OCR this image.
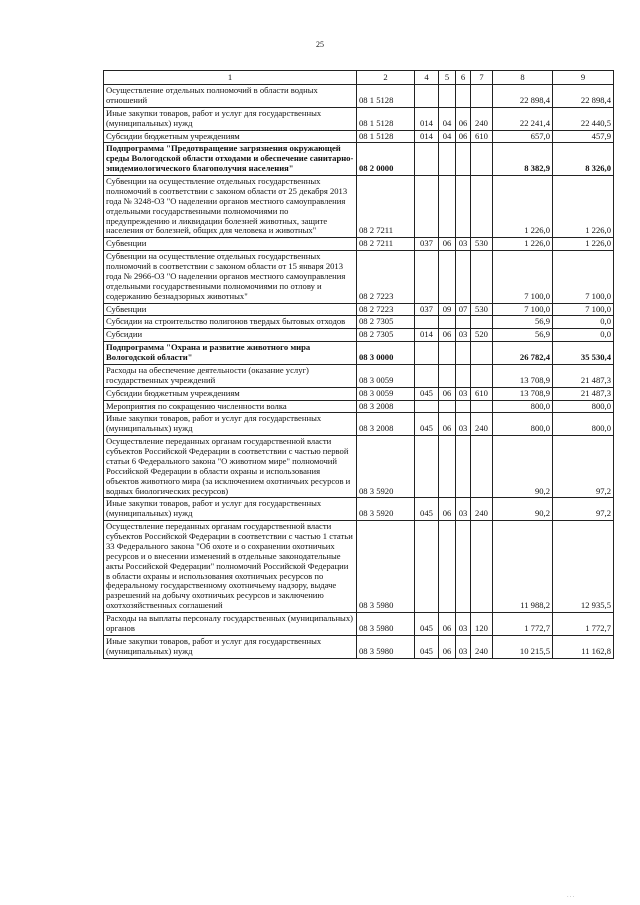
25
1	2	4	5	6	7	8	9
Осуществление отдельных полномочий в области водных отношений	08 1 5128					22 898,4	22 898,4
Иные закупки товаров, работ и услуг для государственных (муниципальных) нужд	08 1 5128	014	04	06	240	22 241,4	22 440,5
Субсидии бюджетным учреждениям	08 1 5128	014	04	06	610	657,0	457,9
Подпрограмма "Предотвращение загрязнения окружающей среды Вологодской области отходами и обеспечение санитарно-эпидемиологического благополучия населения"	08 2 0000					8 382,9	8 326,0
Субвенции на осуществление отдельных государственных полномочий в соответствии с законом области от 25 декабря 2013 года № 3248-ОЗ "О наделении органов местного самоуправления отдельными государственными полномочиями по предупреждению и ликвидации болезней животных, защите населения от болезней, общих для человека и животных"	08 2 7211					1 226,0	1 226,0
Субвенции	08 2 7211	037	06	03	530	1 226,0	1 226,0
Субвенции на осуществление отдельных государственных полномочий в соответствии с законом области от 15 января 2013 года № 2966-ОЗ "О наделении органов местного самоуправления отдельными государственными полномочиями по отлову и содержанию безнадзорных животных"	08 2 7223					7 100,0	7 100,0
Субвенции	08 2 7223	037	09	07	530	7 100,0	7 100,0
Субсидии на строительство полигонов твердых бытовых отходов	08 2 7305					56,9	0,0
Субсидии	08 2 7305	014	06	03	520	56,9	0,0
Подпрограмма "Охрана и развитие животного мира Вологодской области"	08 3 0000					26 782,4	35 530,4
Расходы на обеспечение деятельности (оказание услуг) государственных учреждений	08 3 0059					13 708,9	21 487,3
Субсидии бюджетным учреждениям	08 3 0059	045	06	03	610	13 708,9	21 487,3
Мероприятия по сокращению численности волка	08 3 2008					800,0	800,0
Иные закупки товаров, работ и услуг для государственных (муниципальных) нужд	08 3 2008	045	06	03	240	800,0	800,0
Осуществление переданных органам государственной власти субъектов Российской Федерации в соответствии с частью первой статьи 6 Федерального закона "О животном мире" полномочий Российской Федерации в области охраны и использования объектов животного мира (за исключением охотничьих ресурсов и водных биологических ресурсов)	08 3 5920					90,2	97,2
Иные закупки товаров, работ и услуг для государственных (муниципальных) нужд	08 3 5920	045	06	03	240	90,2	97,2
Осуществление переданных органам государственной власти субъектов Российской Федерации в соответствии с частью 1 статьи 33 Федерального закона "Об охоте и о сохранении охотничьих ресурсов и о внесении изменений в отдельные законодательные акты Российской Федерации" полномочий Российской Федерации в области охраны и использования охотничьих ресурсов по федеральному государственному охотничьему надзору, выдаче разрешений на добычу охотничьих ресурсов и заключению охотхозяйственных соглашений	08 3 5980					11 988,2	12 935,5
Расходы на выплаты персоналу государственных (муниципальных) органов	08 3 5980	045	06	03	120	1 772,7	1 772,7
Иные закупки товаров, работ и услуг для государственных (муниципальных) нужд	08 3 5980	045	06	03	240	10 215,5	11 162,8
· · ·
